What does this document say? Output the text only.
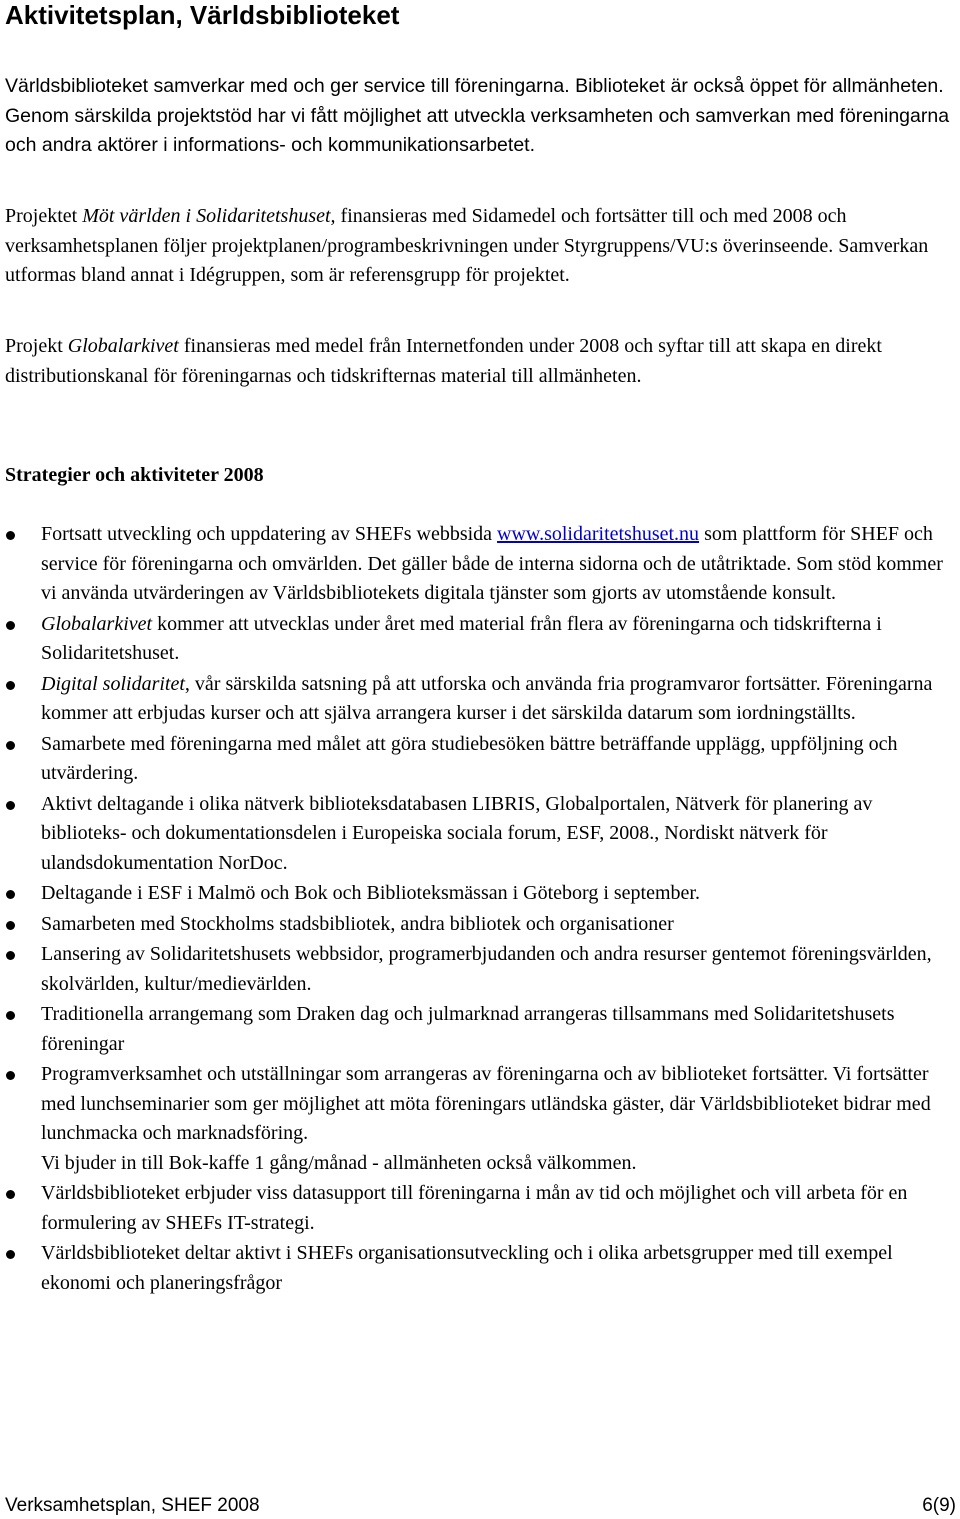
Aktivitetsplan, Världsbiblioteket

Världsbiblioteket samverkar med och ger service till föreningarna. Biblioteket är också öppet för allmänheten. Genom särskilda projektstöd har vi fått möjlighet att utveckla verksamheten och samverkan med föreningarna och andra aktörer i informations- och kommunikationsarbetet.

Projektet Möt världen i Solidaritetshuset, finansieras med Sidamedel och fortsätter till och med 2008 och verksamhetsplanen följer projektplanen/programbeskrivningen under Styrgruppens/VU:s överinseende. Samverkan utformas bland annat i Idégruppen, som är referensgrupp för projektet.

Projekt Globalarkivet finansieras med medel från Internetfonden under 2008 och syftar till att skapa en direkt distributionskanal för föreningarnas och tidskrifternas material till allmänheten.

Strategier och aktiviteter 2008
Fortsatt utveckling och uppdatering av SHEFs webbsida www.solidaritetshuset.nu som plattform för SHEF och service för föreningarna och omvärlden. Det gäller både de interna sidorna och de utåtriktade. Som stöd kommer vi använda utvärderingen av Världsbibliotekets digitala tjänster som gjorts av utomstående konsult.
Globalarkivet kommer att utvecklas under året med material från flera av föreningarna och tidskrifterna i Solidaritetshuset.
Digital solidaritet, vår särskilda satsning på att utforska och använda fria programvaror fortsätter. Föreningarna kommer att erbjudas kurser och att själva arrangera kurser i det särskilda datarum som iordningställts.
Samarbete med föreningarna med målet att göra studiebesöken bättre beträffande upplägg, uppföljning och utvärdering.
Aktivt deltagande i olika nätverk biblioteksdatabasen LIBRIS, Globalportalen, Nätverk för planering av biblioteks- och dokumentationsdelen i Europeiska sociala forum, ESF, 2008., Nordiskt nätverk för ulandsdokumentation NorDoc.
Deltagande i ESF i Malmö och Bok och Biblioteksmässan i Göteborg i september.
Samarbeten med Stockholms stadsbibliotek, andra bibliotek och organisationer
Lansering av Solidaritetshusets webbsidor, programerbjudanden och andra resurser gentemot föreningsvärlden, skolvärlden, kultur/medievärlden.
Traditionella arrangemang som Draken dag och julmarknad arrangeras tillsammans med Solidaritetshusets föreningar
Programverksamhet och utställningar som arrangeras av föreningarna och av biblioteket fortsätter. Vi fortsätter med lunchseminarier som ger möjlighet att möta föreningars utländska gäster, där Världsbiblioteket bidrar med lunchmacka och marknadsföring.
Vi bjuder in till Bok-kaffe 1 gång/månad - allmänheten också välkommen.
Världsbiblioteket erbjuder viss datasupport till föreningarna i mån av tid och möjlighet och vill arbeta för en formulering av SHEFs IT-strategi.
Världsbiblioteket deltar aktivt i SHEFs organisationsutveckling och i olika arbetsgrupper med till exempel ekonomi och planeringsfrågor
Verksamhetsplan, SHEF 2008	6(9)
